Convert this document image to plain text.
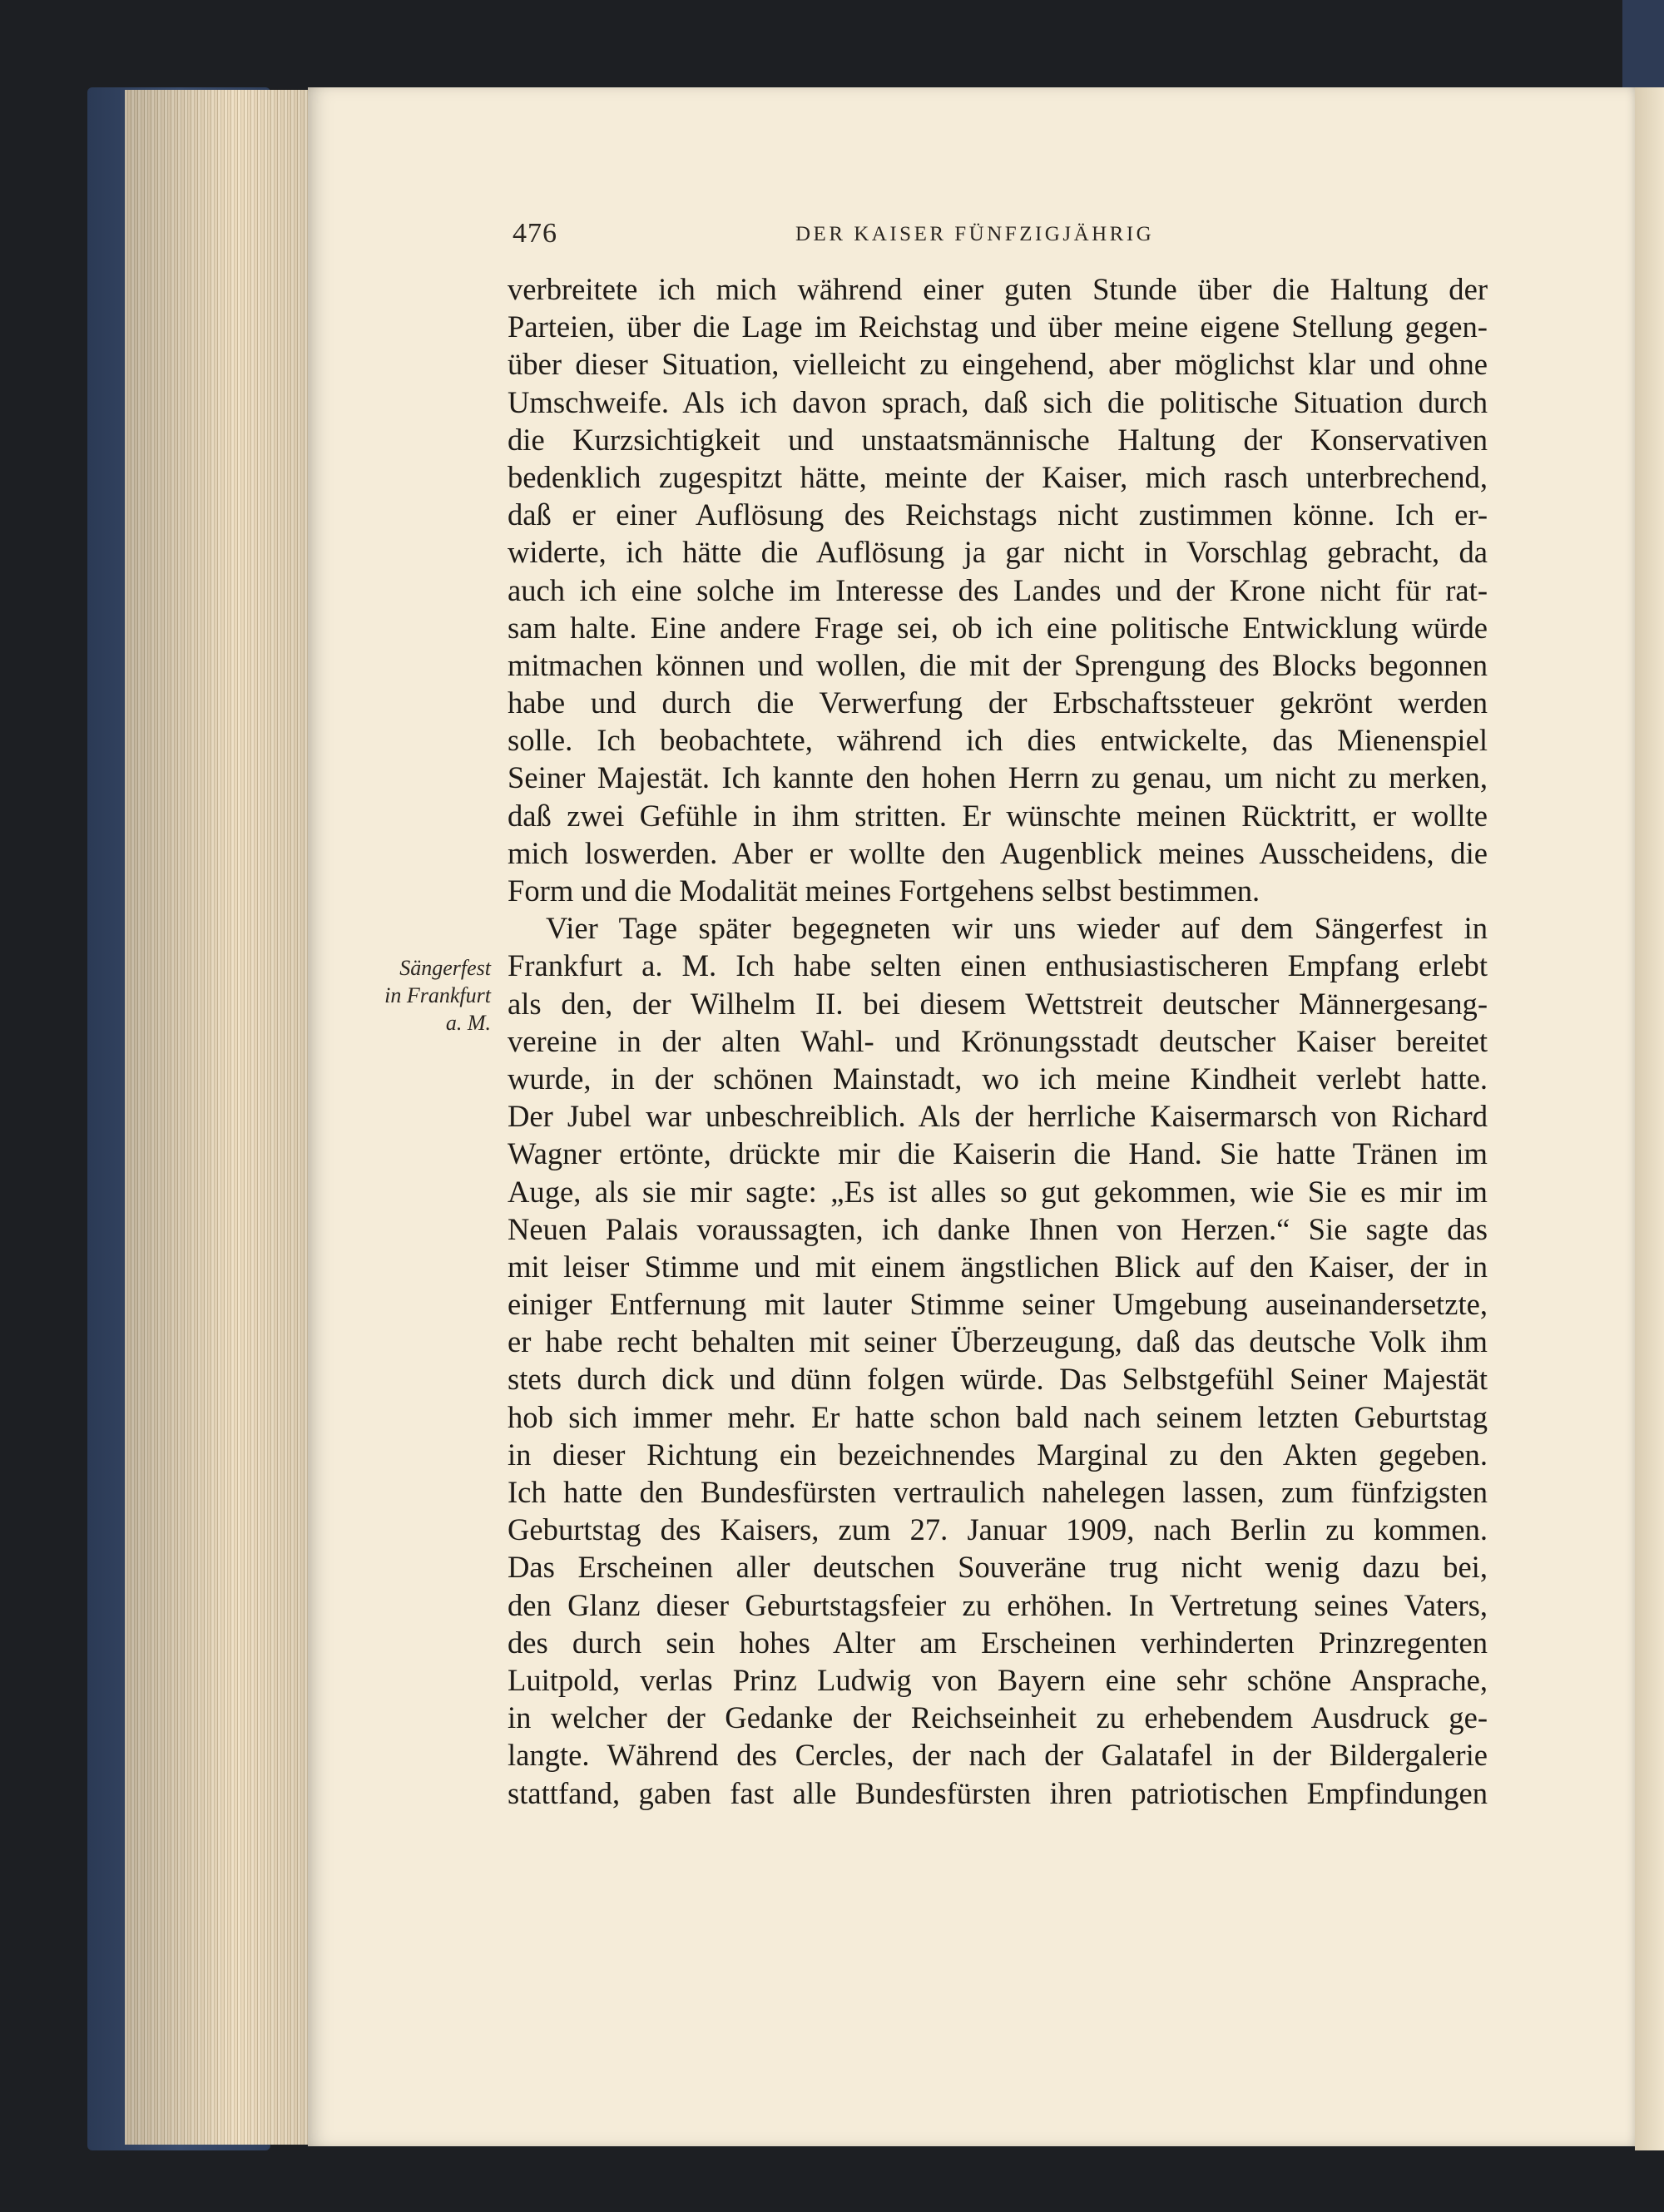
476	DER KAISER FÜNFZIGJÄHRIG
Sängerfest
in Frankfurt
a. M.
verbreitete ich mich während einer guten Stunde über die Haltung der
Parteien, über die Lage im Reichstag und über meine eigene Stellung gegen-
über dieser Situation, vielleicht zu eingehend, aber möglichst klar und ohne
Umschweife. Als ich davon sprach, daß sich die politische Situation durch
die Kurzsichtigkeit und unstaatsmännische Haltung der Konservativen
bedenklich zugespitzt hätte, meinte der Kaiser, mich rasch unterbrechend,
daß er einer Auflösung des Reichstags nicht zustimmen könne. Ich er-
widerte, ich hätte die Auflösung ja gar nicht in Vorschlag gebracht, da
auch ich eine solche im Interesse des Landes und der Krone nicht für rat-
sam halte. Eine andere Frage sei, ob ich eine politische Entwicklung würde
mitmachen können und wollen, die mit der Sprengung des Blocks begonnen
habe und durch die Verwerfung der Erbschaftssteuer gekrönt werden
solle. Ich beobachtete, während ich dies entwickelte, das Mienenspiel
Seiner Majestät. Ich kannte den hohen Herrn zu genau, um nicht zu merken,
daß zwei Gefühle in ihm stritten. Er wünschte meinen Rücktritt, er wollte
mich loswerden. Aber er wollte den Augenblick meines Ausscheidens, die
Form und die Modalität meines Fortgehens selbst bestimmen.
Vier Tage später begegneten wir uns wieder auf dem Sängerfest in
Frankfurt a. M. Ich habe selten einen enthusiastischeren Empfang erlebt
als den, der Wilhelm II. bei diesem Wettstreit deutscher Männergesang-
vereine in der alten Wahl- und Krönungsstadt deutscher Kaiser bereitet
wurde, in der schönen Mainstadt, wo ich meine Kindheit verlebt hatte.
Der Jubel war unbeschreiblich. Als der herrliche Kaisermarsch von Richard
Wagner ertönte, drückte mir die Kaiserin die Hand. Sie hatte Tränen im
Auge, als sie mir sagte: „Es ist alles so gut gekommen, wie Sie es mir im
Neuen Palais voraussagten, ich danke Ihnen von Herzen.“ Sie sagte das
mit leiser Stimme und mit einem ängstlichen Blick auf den Kaiser, der in
einiger Entfernung mit lauter Stimme seiner Umgebung auseinandersetzte,
er habe recht behalten mit seiner Überzeugung, daß das deutsche Volk ihm
stets durch dick und dünn folgen würde. Das Selbstgefühl Seiner Majestät
hob sich immer mehr. Er hatte schon bald nach seinem letzten Geburtstag
in dieser Richtung ein bezeichnendes Marginal zu den Akten gegeben.
Ich hatte den Bundesfürsten vertraulich nahelegen lassen, zum fünfzigsten
Geburtstag des Kaisers, zum 27. Januar 1909, nach Berlin zu kommen.
Das Erscheinen aller deutschen Souveräne trug nicht wenig dazu bei,
den Glanz dieser Geburtstagsfeier zu erhöhen. In Vertretung seines Vaters,
des durch sein hohes Alter am Erscheinen verhinderten Prinzregenten
Luitpold, verlas Prinz Ludwig von Bayern eine sehr schöne Ansprache,
in welcher der Gedanke der Reichseinheit zu erhebendem Ausdruck ge-
langte. Während des Cercles, der nach der Galatafel in der Bildergalerie
stattfand, gaben fast alle Bundesfürsten ihren patriotischen Empfindungen
